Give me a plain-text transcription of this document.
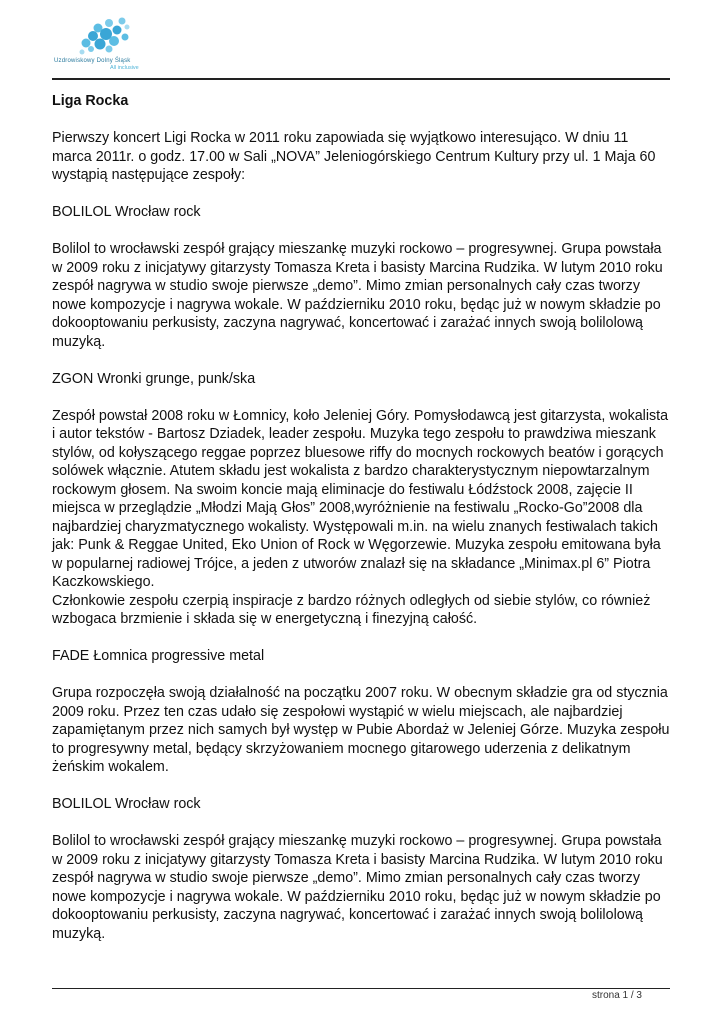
Uzdrowiskowy Dolny Śląsk
All inclusive

Liga Rocka

Pierwszy koncert Ligi Rocka w 2011 roku zapowiada się wyjątkowo interesująco. W dniu 11 marca 2011r. o godz. 17.00 w Sali „NOVA” Jeleniogórskiego Centrum Kultury przy ul. 1 Maja 60 wystąpią następujące zespoły:

BOLILOL Wrocław rock

Bolilol to wrocławski zespół grający mieszankę muzyki rockowo – progresywnej. Grupa powstała w 2009 roku z inicjatywy gitarzysty Tomasza Kreta i basisty Marcina Rudzika. W lutym 2010 roku zespół nagrywa w studio swoje pierwsze „demo”. Mimo zmian personalnych cały czas tworzy nowe kompozycje i nagrywa wokale. W październiku 2010 roku, będąc już w nowym składzie po dokooptowaniu perkusisty, zaczyna nagrywać, koncertować i zarażać innych swoją bolilolową muzyką.

ZGON Wronki grunge, punk/ska

Zespół powstał 2008 roku w Łomnicy, koło Jeleniej Góry. Pomysłodawcą jest gitarzysta, wokalista i autor tekstów - Bartosz Dziadek, leader zespołu. Muzyka tego zespołu to prawdziwa mieszank stylów, od kołyszącego reggae poprzez bluesowe riffy do mocnych rockowych beatów i gorących solówek włącznie. Atutem składu jest wokalista z bardzo charakterystycznym niepowtarzalnym rockowym głosem. Na swoim koncie mają eliminacje do festiwalu Łódźstock 2008, zajęcie II miejsca w przeglądzie „Młodzi Mają Głos” 2008,wyróżnienie na festiwalu „Rocko-Go”2008 dla najbardziej charyzmatycznego wokalisty. Występowali m.in. na wielu znanych festiwalach takich jak: Punk & Reggae United, Eko Union of Rock w Węgorzewie. Muzyka zespołu emitowana była w popularnej radiowej Trójce, a jeden z utworów znalazł się na składance „Minimax.pl 6” Piotra Kaczkowskiego.

Członkowie zespołu czerpią inspiracje z bardzo różnych odległych od siebie stylów, co również wzbogaca brzmienie i składa się w energetyczną i finezyjną całość.

FADE Łomnica progressive metal

Grupa rozpoczęła swoją działalność na początku 2007 roku. W obecnym składzie gra od stycznia 2009 roku. Przez ten czas udało się zespołowi wystąpić w wielu miejscach, ale najbardziej zapamiętanym przez nich samych był występ w Pubie Abordaż w Jeleniej Górze. Muzyka zespołu to progresywny metal, będący skrzyżowaniem mocnego gitarowego uderzenia z delikatnym żeńskim wokalem.

BOLILOL Wrocław rock

Bolilol to wrocławski zespół grający mieszankę muzyki rockowo – progresywnej. Grupa powstała w 2009 roku z inicjatywy gitarzysty Tomasza Kreta i basisty Marcina Rudzika. W lutym 2010 roku zespół nagrywa w studio swoje pierwsze „demo”. Mimo zmian personalnych cały czas tworzy nowe kompozycje i nagrywa wokale. W październiku 2010 roku, będąc już w nowym składzie po dokooptowaniu perkusisty, zaczyna nagrywać, koncertować i zarażać innych swoją bolilolową muzyką.

strona 1 / 3
